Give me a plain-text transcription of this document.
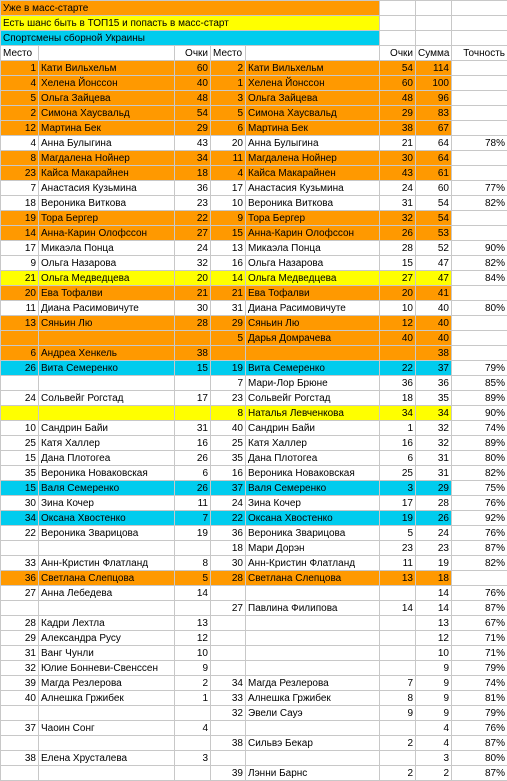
Уже в масс-старте							
Есть шанс быть в ТОП15 и попасть в масс-старт							
Спортсмены сборной Украины							
Место		Очки	Место		Очки	Сумма	Точность
1	Кати Вильхельм	60	2	Кати Вильхельм	54	114	
4	Хелена Йонссон	40	1	Хелена Йонссон	60	100	
5	Ольга Зайцева	48	3	Ольга Зайцева	48	96	
2	Симона Хаусвальд	54	5	Симона Хаусвальд	29	83	
12	Мартина Бек	29	6	Мартина Бек	38	67	
4	Анна Булыгина	43	20	Анна Булыгина	21	64	78%
8	Магдалена Нойнер	34	11	Магдалена Нойнер	30	64	
23	Кайса Макарайнен	18	4	Кайса Макарайнен	43	61	
7	Анастасия Кузьмина	36	17	Анастасия Кузьмина	24	60	77%
18	Вероника Виткова	23	10	Вероника Виткова	31	54	82%
19	Тора Бергер	22	9	Тора Бергер	32	54	
14	Анна-Карин Олофссон	27	15	Анна-Карин Олофссон	26	53	
17	Микаэла Понца	24	13	Микаэла Понца	28	52	90%
9	Ольга Назарова	32	16	Ольга Назарова	15	47	82%
21	Ольга Медведцева	20	14	Ольга Медведцева	27	47	84%
20	Ева Тофалви	21	21	Ева Тофалви	20	41	
11	Диана Расимовичуте	30	31	Диана Расимовичуте	10	40	80%
13	Сяньин Лю	28	29	Сяньин Лю	12	40	
			5	Дарья Домрачева	40	40	
6	Андреа Хенкель	38				38	
26	Вита Семеренко	15	19	Вита Семеренко	22	37	79%
			7	Мари-Лор Брюне	36	36	85%
24	Сольвейг Рогстад	17	23	Сольвейг Рогстад	18	35	89%
			8	Наталья Левченкова	34	34	90%
10	Сандрин Байи	31	40	Сандрин Байи	1	32	74%
25	Катя Халлер	16	25	Катя Халлер	16	32	89%
15	Дана Плотогеа	26	35	Дана Плотогеа	6	31	80%
35	Вероника Новаковская	6	16	Вероника Новаковская	25	31	82%
15	Валя Семеренко	26	37	Валя Семеренко	3	29	75%
30	Зина Кочер	11	24	Зина Кочер	17	28	76%
34	Оксана Хвостенко	7	22	Оксана Хвостенко	19	26	92%
22	Вероника Зварицова	19	36	Вероника Зварицова	5	24	76%
			18	Мари Дорэн	23	23	87%
33	Анн-Кристин Флатланд	8	30	Анн-Кристин Флатланд	11	19	82%
36	Светлана Слепцова	5	28	Светлана Слепцова	13	18	
27	Анна Лебедева	14				14	76%
			27	Павлина Филипова	14	14	87%
28	Кадри Лехтла	13				13	67%
29	Александра Русу	12				12	71%
31	Ванг Чунли	10				10	71%
32	Юлие Бонневи-Свенссен	9				9	79%
39	Магда Резлерова	2	34	Магда Резлерова	7	9	74%
40	Алнешка Гржибек	1	33	Алнешка Гржибек	8	9	81%
			32	Эвели Сауэ	9	9	79%
37	Чаоин Сонг	4				4	76%
			38	Сильвэ Бекар	2	4	87%
38	Елена Хрусталева	3				3	80%
			39	Лэнни Барнс	2	2	87%
